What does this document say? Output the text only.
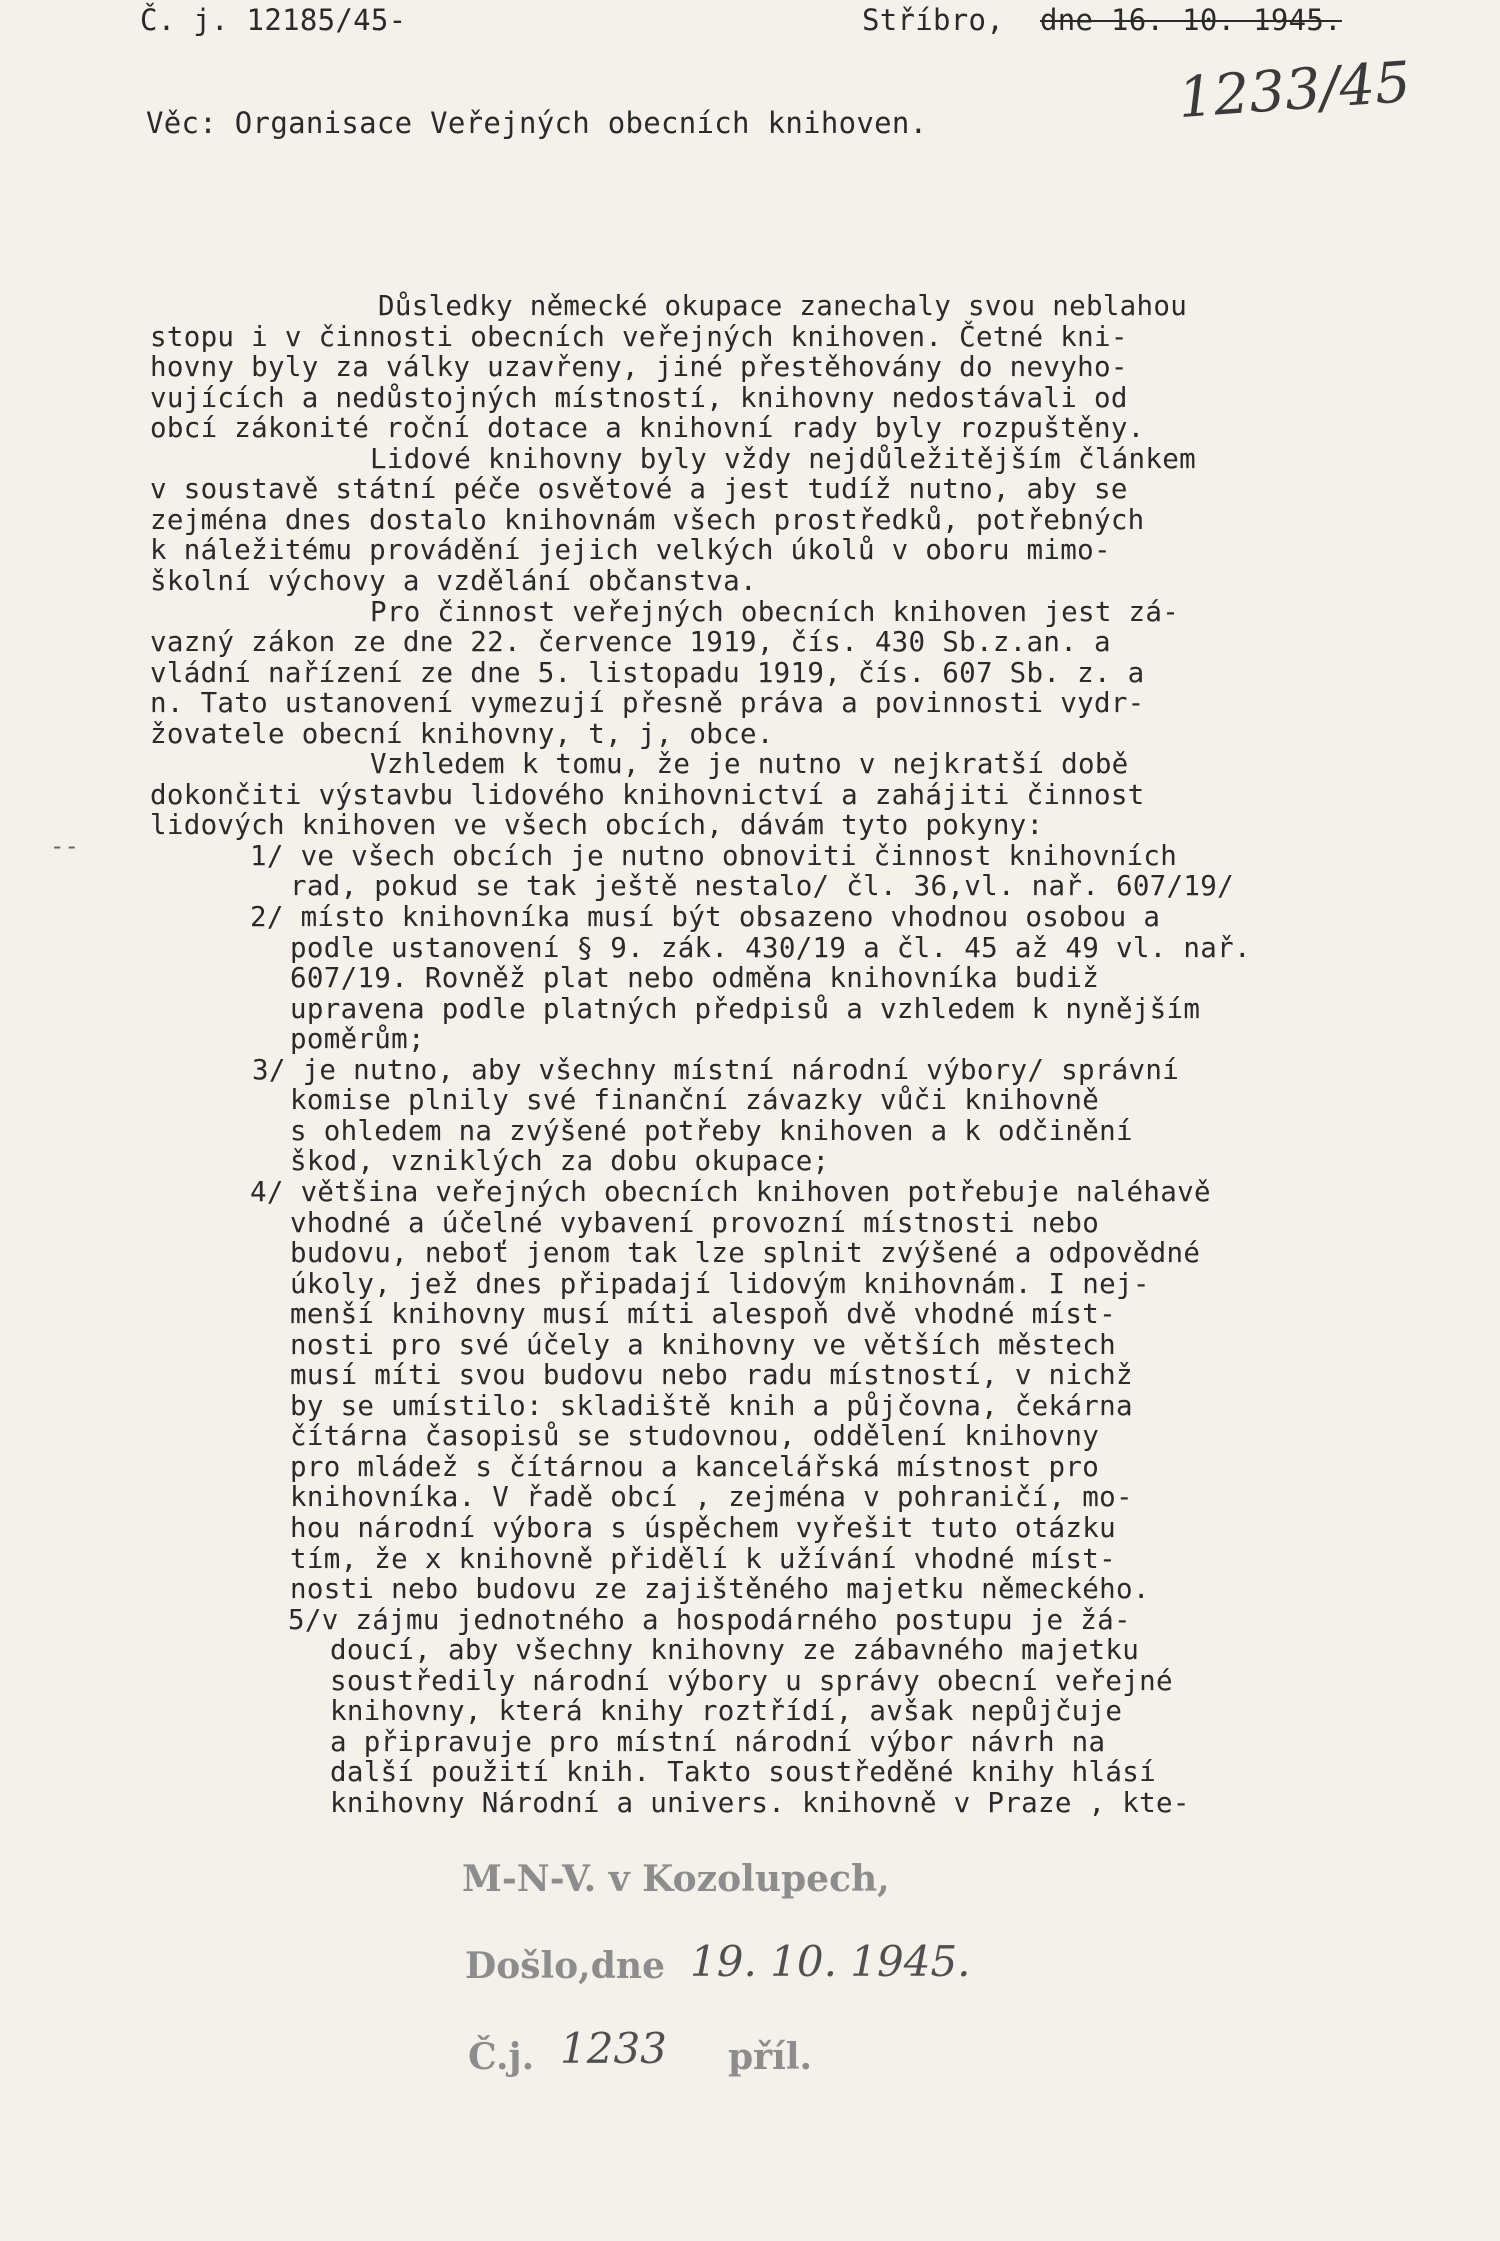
Č. j. 12185/45-	Stříbro, dne 16. 10. 1945.
1233/45
Věc: Organisace Veřejných obecních knihoven.
Důsledky německé okupace zanechaly svou neblahou
stopu i v činnosti obecních veřejných knihoven. Četné kni-
hovny byly za války uzavřeny, jiné přestěhovány do nevyho-
vujících a nedůstojných místností, knihovny nedostávali od
obcí zákonité roční dotace a knihovní rady byly rozpuštěny.
Lidové knihovny byly vždy nejdůležitějším článkem
v soustavě státní péče osvětové a jest tudíž nutno, aby se
zejména dnes dostalo knihovnám všech prostředků, potřebných
k náležitému provádění jejich velkých úkolů v oboru mimo-
školní výchovy a vzdělání občanstva.
Pro činnost veřejných obecních knihoven jest zá-
vazný zákon ze dne 22. července 1919, čís. 430 Sb.z.an. a
vládní nařízení ze dne 5. listopadu 1919, čís. 607 Sb. z. a
n. Tato ustanovení vymezují přesně práva a povinnosti vydr-
žovatele obecní knihovny, t, j, obce.
Vzhledem k tomu, že je nutno v nejkratší době
dokončiti výstavbu lidového knihovnictví a zahájiti činnost
lidových knihoven ve všech obcích, dávám tyto pokyny:
1/ ve všech obcích je nutno obnoviti činnost knihovních
rad, pokud se tak ještě nestalo/ čl. 36,vl. nař. 607/19/
2/ místo knihovníka musí být obsazeno vhodnou osobou a
podle ustanovení § 9. zák. 430/19 a čl. 45 až 49 vl. nař.
607/19. Rovněž plat nebo odměna knihovníka budiž
upravena podle platných předpisů a vzhledem k nynějším
poměrům;
3/ je nutno, aby všechny místní národní výbory/ správní
komise plnily své finanční závazky vůči knihovně
s ohledem na zvýšené potřeby knihoven a k odčinění
škod, vzniklých za dobu okupace;
4/ většina veřejných obecních knihoven potřebuje naléhavě
vhodné a účelné vybavení provozní místnosti nebo
budovu, neboť jenom tak lze splnit zvýšené a odpovědné
úkoly, jež dnes připadají lidovým knihovnám. I nej-
menší knihovny musí míti alespoň dvě vhodné míst-
nosti pro své účely a knihovny ve větších městech
musí míti svou budovu nebo radu místností, v nichž
by se umístilo: skladiště knih a půjčovna, čekárna
čítárna časopisů se studovnou, oddělení knihovny
pro mládež s čítárnou a kancelářská místnost pro
knihovníka. V řadě obcí , zejména v pohraničí, mo-
hou národní výbora s úspěchem vyřešit tuto otázku
tím, že x knihovně přidělí k užívání vhodné míst-
nosti nebo budovu ze zajištěného majetku německého.
5/v zájmu jednotného a hospodárného postupu je žá-
doucí, aby všechny knihovny ze zábavného majetku
soustředily národní výbory u správy obecní veřejné
knihovny, která knihy roztřídí, avšak nepůjčuje
a připravuje pro místní národní výbor návrh na
další použití knih. Takto soustředěné knihy hlásí
knihovny Národní a univers. knihovně v Praze , kte-
--
M-N-V. v Kozolupech,
Došlo,dne 19. 10. 1945.
Č.j. 1233 příl.
